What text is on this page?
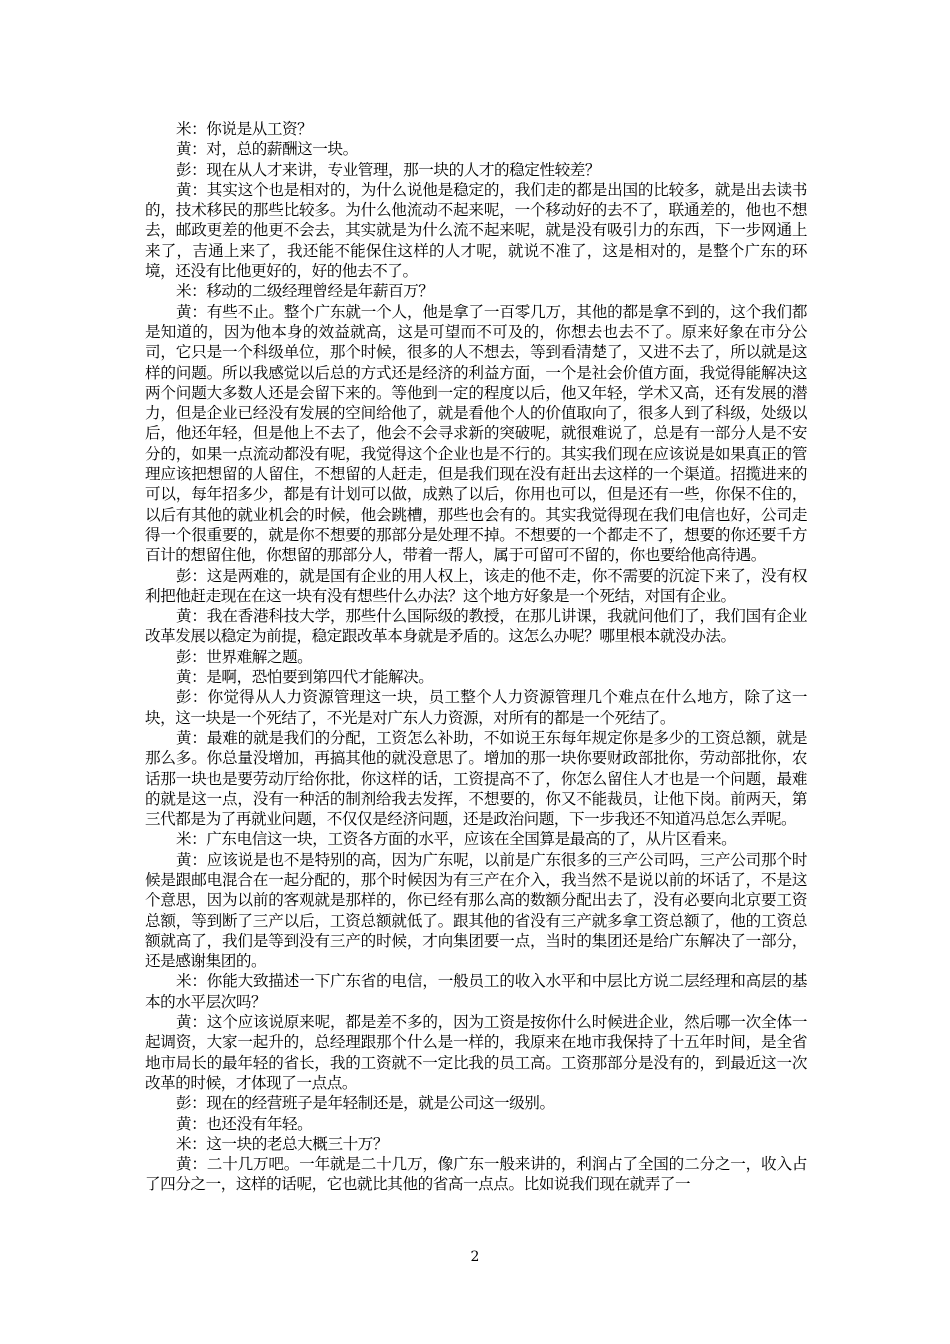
米：你说是从工资？

黄：对，总的薪酬这一块。

彭：现在从人才来讲，专业管理，那一块的人才的稳定性较差？

黄：其实这个也是相对的，为什么说他是稳定的，我们走的都是出国的比较多，就是出去读书的，技术移民的那些比较多。为什么他流动不起来呢，一个移动好的去不了，联通差的，他也不想去，邮政更差的他更不会去，其实就是为什么流不起来呢，就是没有吸引力的东西，下一步网通上来了，吉通上来了，我还能不能保住这样的人才呢，就说不准了，这是相对的，是整个广东的环境，还没有比他更好的，好的他去不了。

米：移动的二级经理曾经是年薪百万？

黄：有些不止。整个广东就一个人，他是拿了一百零几万，其他的都是拿不到的，这个我们都是知道的，因为他本身的效益就高，这是可望而不可及的，你想去也去不了。原来好象在市分公司，它只是一个科级单位，那个时候，很多的人不想去，等到看清楚了，又进不去了，所以就是这样的问题。所以我感觉以后总的方式还是经济的利益方面，一个是社会价值方面，我觉得能解决这两个问题大多数人还是会留下来的。等他到一定的程度以后，他又年轻，学术又高，还有发展的潜力，但是企业已经没有发展的空间给他了，就是看他个人的价值取向了，很多人到了科级，处级以后，他还年轻，但是他上不去了，他会不会寻求新的突破呢，就很难说了，总是有一部分人是不安分的，如果一点流动都没有呢，我觉得这个企业也是不行的。其实我们现在应该说是如果真正的管理应该把想留的人留住，不想留的人赶走，但是我们现在没有赶出去这样的一个渠道。招揽进来的可以，每年招多少，都是有计划可以做，成熟了以后，你用也可以，但是还有一些，你保不住的，以后有其他的就业机会的时候，他会跳槽，那些也会有的。其实我觉得现在我们电信也好，公司走得一个很重要的，就是你不想要的那部分是处理不掉。不想要的一个都走不了，想要的你还要千方百计的想留住他，你想留的那部分人，带着一帮人，属于可留可不留的，你也要给他高待遇。

彭：这是两难的，就是国有企业的用人权上，该走的他不走，你不需要的沉淀下来了，没有权利把他赶走现在在这一块有没有想些什么办法？这个地方好象是一个死结，对国有企业。

黄：我在香港科技大学，那些什么国际级的教授，在那儿讲课，我就问他们了，我们国有企业改革发展以稳定为前提，稳定跟改革本身就是矛盾的。这怎么办呢？哪里根本就没办法。

彭：世界难解之题。

黄：是啊，恐怕要到第四代才能解决。

彭：你觉得从人力资源管理这一块，员工整个人力资源管理几个难点在什么地方，除了这一块，这一块是一个死结了，不光是对广东人力资源，对所有的都是一个死结了。

黄：最难的就是我们的分配，工资怎么补助，不如说王东每年规定你是多少的工资总额，就是那么多。你总量没增加，再搞其他的就没意思了。增加的那一块你要财政部批你，劳动部批你，农话那一块也是要劳动厅给你批，你这样的话，工资提高不了，你怎么留住人才也是一个问题，最难的就是这一点，没有一种活的制剂给我去发挥，不想要的，你又不能裁员，让他下岗。前两天，第三代都是为了再就业问题，不仅仅是经济问题，还是政治问题，下一步我还不知道冯总怎么弄呢。

米：广东电信这一块，工资各方面的水平，应该在全国算是最高的了，从片区看来。

黄：应该说是也不是特别的高，因为广东呢，以前是广东很多的三产公司吗，三产公司那个时候是跟邮电混合在一起分配的，那个时候因为有三产在介入，我当然不是说以前的坏话了，不是这个意思，因为以前的客观就是那样的，你已经有那么高的数额分配出去了，没有必要向北京要工资总额，等到断了三产以后，工资总额就低了。跟其他的省没有三产就多拿工资总额了，他的工资总额就高了，我们是等到没有三产的时候，才向集团要一点，当时的集团还是给广东解决了一部分，还是感谢集团的。

米：你能大致描述一下广东省的电信，一般员工的收入水平和中层比方说二层经理和高层的基本的水平层次吗？

黄：这个应该说原来呢，都是差不多的，因为工资是按你什么时候进企业，然后哪一次全体一起调资，大家一起升的，总经理跟那个什么是一样的，我原来在地市我保持了十五年时间，是全省地市局长的最年轻的省长，我的工资就不一定比我的员工高。工资那部分是没有的，到最近这一次改革的时候，才体现了一点点。

彭：现在的经营班子是年轻制还是，就是公司这一级别。

黄：也还没有年轻。

米：这一块的老总大概三十万？

黄：二十几万吧。一年就是二十几万，像广东一般来讲的，利润占了全国的二分之一，收入占了四分之一，这样的话呢，它也就比其他的省高一点点。比如说我们现在就弄了一

2
